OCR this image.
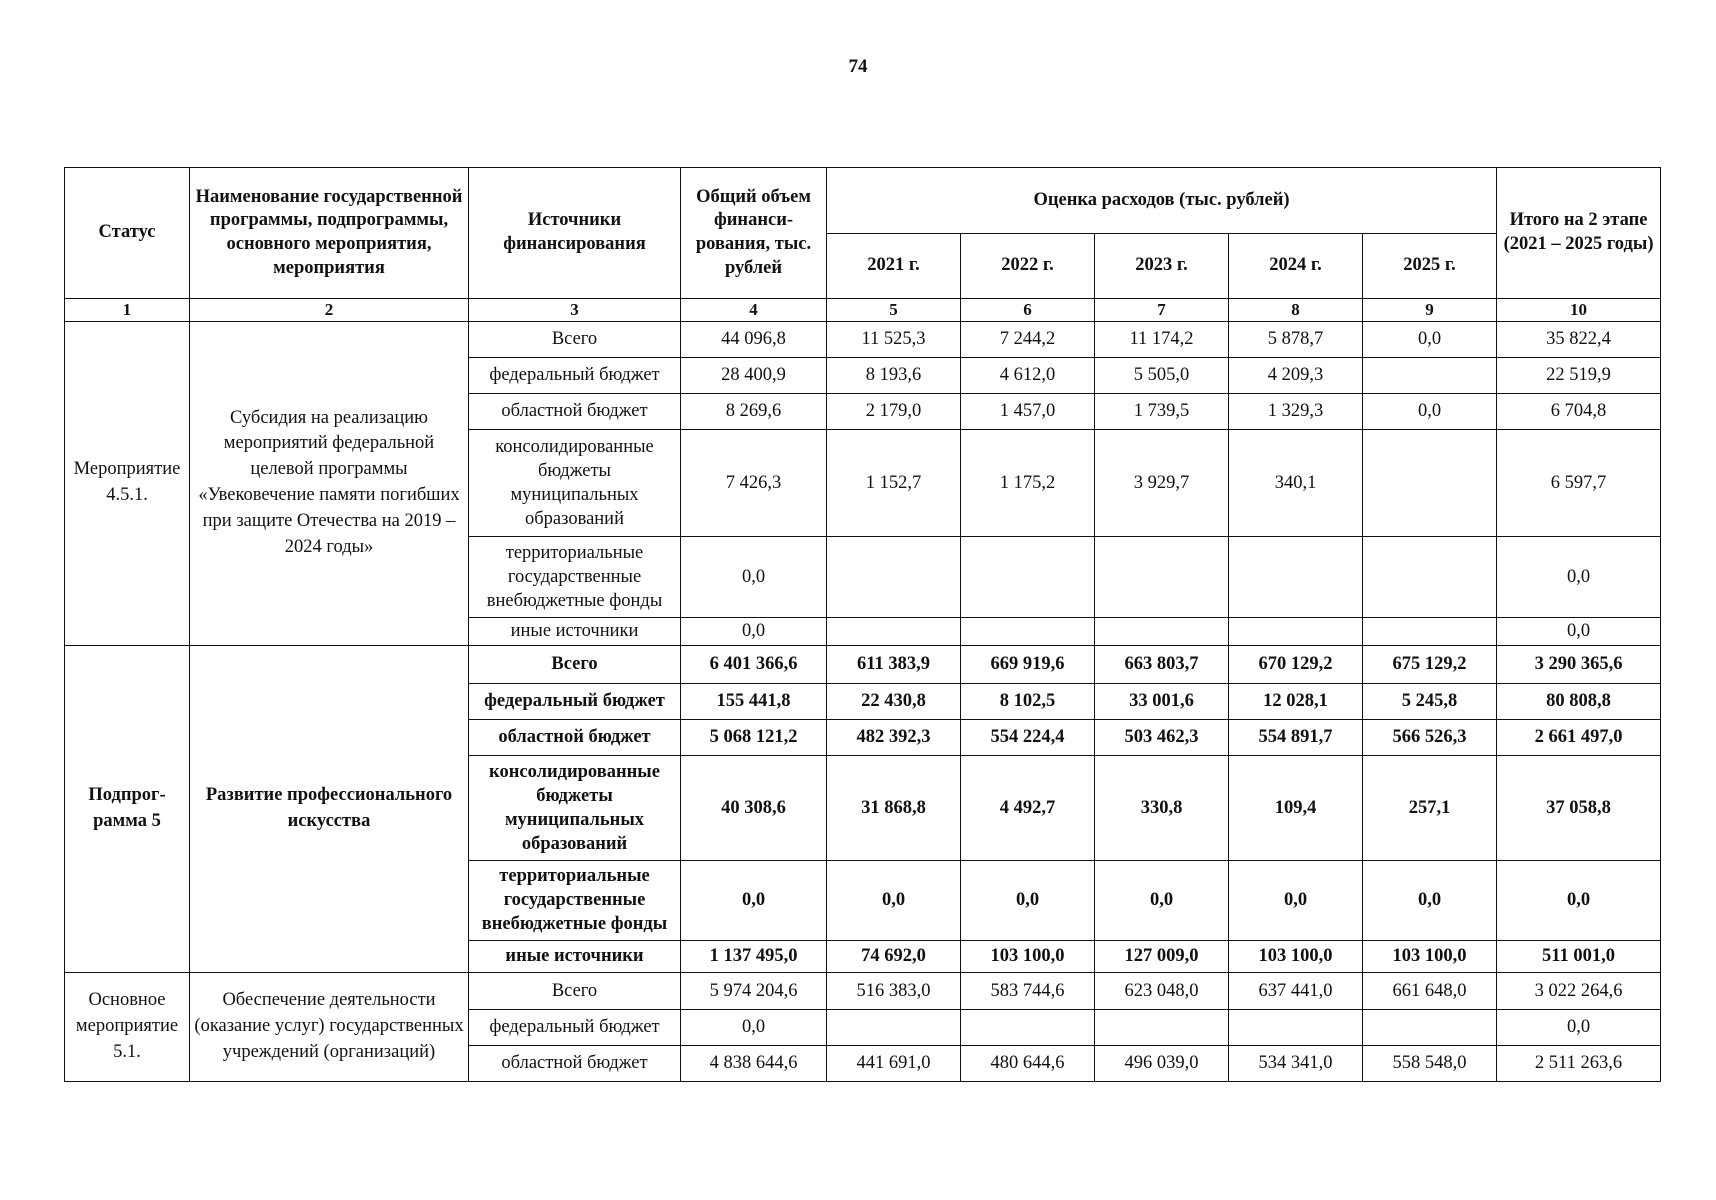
74
Статус	Наименование государственной программы, подпрограммы, основного мероприятия, мероприятия	Источники финансирования	Общий объем финанси-рования, тыс. рублей	Оценка расходов (тыс. рублей)					Итого на 2 этапе (2021 – 2025 годы)
				2021 г.	2022 г.	2023 г.	2024 г.	2025 г.	
1	2	3	4	5	6	7	8	9	10
Мероприятие 4.5.1.	Субсидия на реализацию мероприятий федеральной целевой программы «Увековечение памяти погибших при защите Отечества на 2019 – 2024 годы»	Всего	44 096,8	11 525,3	7 244,2	11 174,2	5 878,7	0,0	35 822,4
		федеральный бюджет	28 400,9	8 193,6	4 612,0	5 505,0	4 209,3		22 519,9
		областной бюджет	8 269,6	2 179,0	1 457,0	1 739,5	1 329,3	0,0	6 704,8
		консолидированные бюджеты муниципальных образований	7 426,3	1 152,7	1 175,2	3 929,7	340,1		6 597,7
		территориальные государственные внебюджетные фонды	0,0						0,0
		иные источники	0,0						0,0
Подпрог-рамма 5	Развитие профессионального искусства	Всего	6 401 366,6	611 383,9	669 919,6	663 803,7	670 129,2	675 129,2	3 290 365,6
		федеральный бюджет	155 441,8	22 430,8	8 102,5	33 001,6	12 028,1	5 245,8	80 808,8
		областной бюджет	5 068 121,2	482 392,3	554 224,4	503 462,3	554 891,7	566 526,3	2 661 497,0
		консолидированные бюджеты муниципальных образований	40 308,6	31 868,8	4 492,7	330,8	109,4	257,1	37 058,8
		территориальные государственные внебюджетные фонды	0,0	0,0	0,0	0,0	0,0	0,0	0,0
		иные источники	1 137 495,0	74 692,0	103 100,0	127 009,0	103 100,0	103 100,0	511 001,0
Основное мероприятие 5.1.	Обеспечение деятельности (оказание услуг) государственных учреждений (организаций)	Всего	5 974 204,6	516 383,0	583 744,6	623 048,0	637 441,0	661 648,0	3 022 264,6
		федеральный бюджет	0,0						0,0
		областной бюджет	4 838 644,6	441 691,0	480 644,6	496 039,0	534 341,0	558 548,0	2 511 263,6
